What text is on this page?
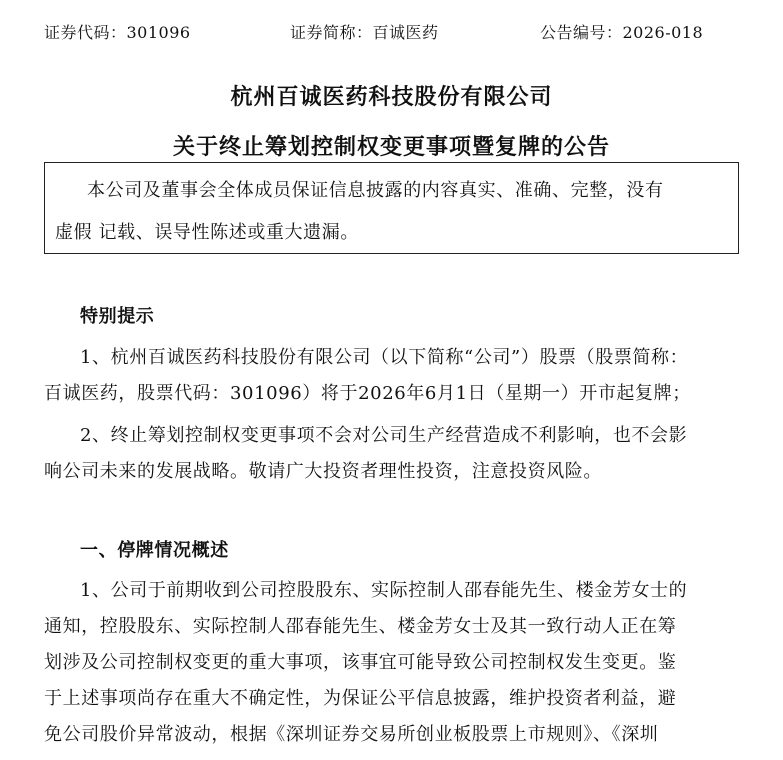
证券代码：301096	证券简称：百诚医药	公告编号：2026-018
杭州百诚医药科技股份有限公司
关于终止筹划控制权变更事项暨复牌的公告
本公司及董事会全体成员保证信息披露的内容真实、准确、完整，没有
虚假 记载、误导性陈述或重大遗漏。
特别提示
1、杭州百诚医药科技股份有限公司（以下简称“公司”）股票（股票简称：
百诚医药，股票代码：301096）将于2026年6月1日（星期一）开市起复牌；
2、终止筹划控制权变更事项不会对公司生产经营造成不利影响，也不会影
响公司未来的发展战略。敬请广大投资者理性投资，注意投资风险。
一、停牌情况概述
1、公司于前期收到公司控股股东、实际控制人邵春能先生、楼金芳女士的
通知，控股股东、实际控制人邵春能先生、楼金芳女士及其一致行动人正在筹
划涉及公司控制权变更的重大事项，该事宜可能导致公司控制权发生变更。鉴
于上述事项尚存在重大不确定性，为保证公平信息披露，维护投资者利益，避
免公司股价异常波动，根据《深圳证券交易所创业板股票上市规则》、《深圳
